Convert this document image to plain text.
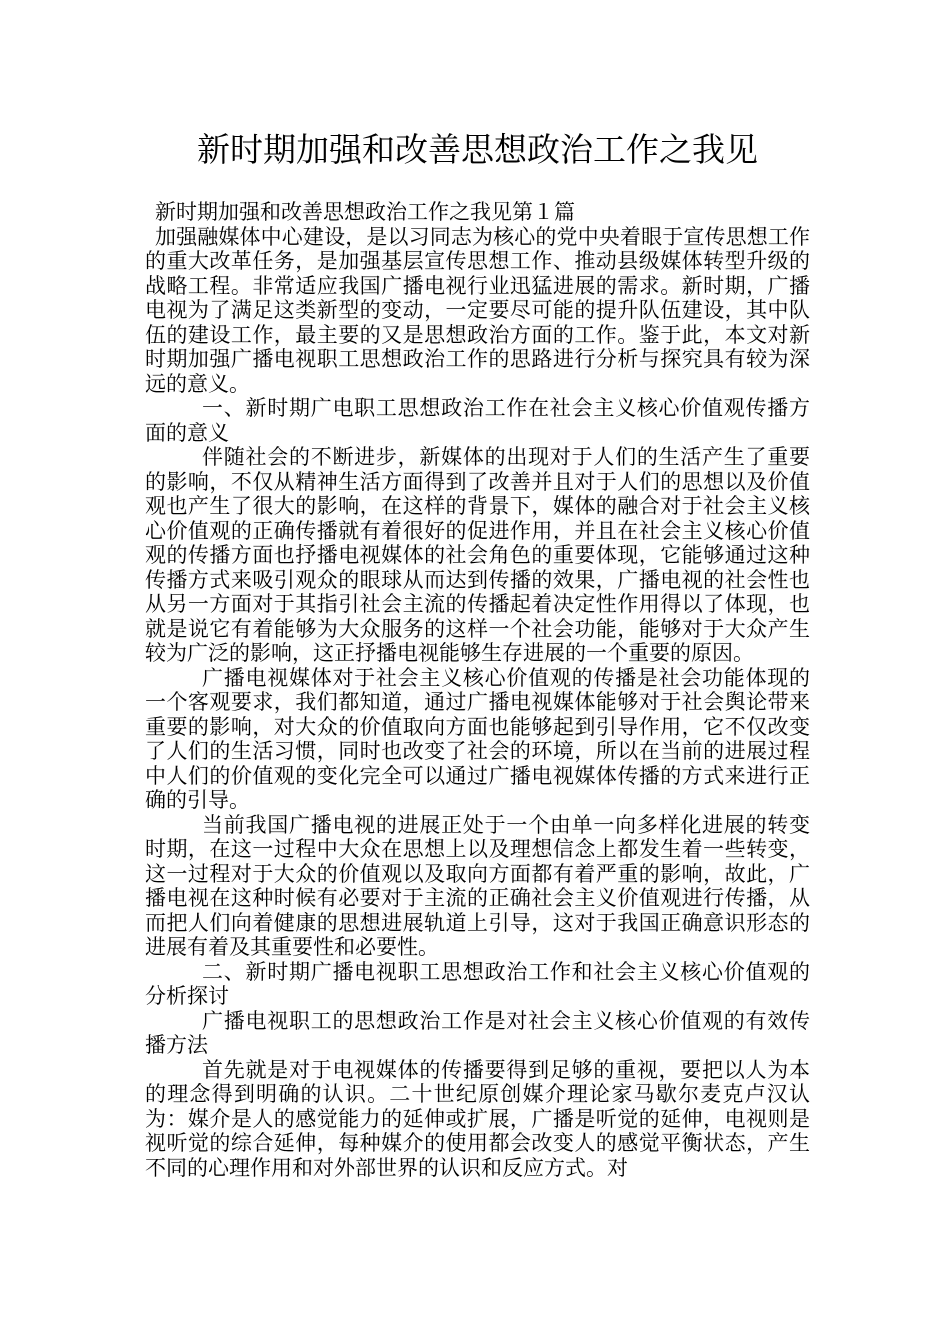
新时期加强和改善思想政治工作之我见

新时期加强和改善思想政治工作之我见第１篇

加强融媒体中心建设，是以习同志为核心的党中央着眼于宣传思想工作的重大改革任务，是加强基层宣传思想工作、推动县级媒体转型升级的战略工程。非常适应我国广播电视行业迅猛进展的需求。新时期，广播电视为了满足这类新型的变动，一定要尽可能的提升队伍建设，其中队伍的建设工作，最主要的又是思想政治方面的工作。鉴于此，本文对新时期加强广播电视职工思想政治工作的思路进行分析与探究具有较为深远的意义。

一、新时期广电职工思想政治工作在社会主义核心价值观传播方面的意义

伴随社会的不断进步，新媒体的出现对于人们的生活产生了重要的影响，不仅从精神生活方面得到了改善并且对于人们的思想以及价值观也产生了很大的影响，在这样的背景下，媒体的融合对于社会主义核心价值观的正确传播就有着很好的促进作用，并且在社会主义核心价值观的传播方面也抒播电视媒体的社会角色的重要体现，它能够通过这种传播方式来吸引观众的眼球从而达到传播的效果，广播电视的社会性也从另一方面对于其指引社会主流的传播起着决定性作用得以了体现，也就是说它有着能够为大众服务的这样一个社会功能，能够对于大众产生较为广泛的影响，这正抒播电视能够生存进展的一个重要的原因。

广播电视媒体对于社会主义核心价值观的传播是社会功能体现的一个客观要求，我们都知道，通过广播电视媒体能够对于社会舆论带来重要的影响，对大众的价值取向方面也能够起到引导作用，它不仅改变了人们的生活习惯，同时也改变了社会的环境，所以在当前的进展过程中人们的价值观的变化完全可以通过广播电视媒体传播的方式来进行正确的引导。

当前我国广播电视的进展正处于一个由单一向多样化进展的转变时期，在这一过程中大众在思想上以及理想信念上都发生着一些转变，这一过程对于大众的价值观以及取向方面都有着严重的影响，故此，广播电视在这种时候有必要对于主流的正确社会主义价值观进行传播，从而把人们向着健康的思想进展轨道上引导，这对于我国正确意识形态的进展有着及其重要性和必要性。

二、新时期广播电视职工思想政治工作和社会主义核心价值观的分析探讨

广播电视职工的思想政治工作是对社会主义核心价值观的有效传播方法

首先就是对于电视媒体的传播要得到足够的重视，要把以人为本的理念得到明确的认识。二十世纪原创媒介理论家马歇尔麦克卢汉认为：媒介是人的感觉能力的延伸或扩展，广播是听觉的延伸，电视则是视听觉的综合延伸，每种媒介的使用都会改变人的感觉平衡状态，产生不同的心理作用和对外部世界的认识和反应方式。对
